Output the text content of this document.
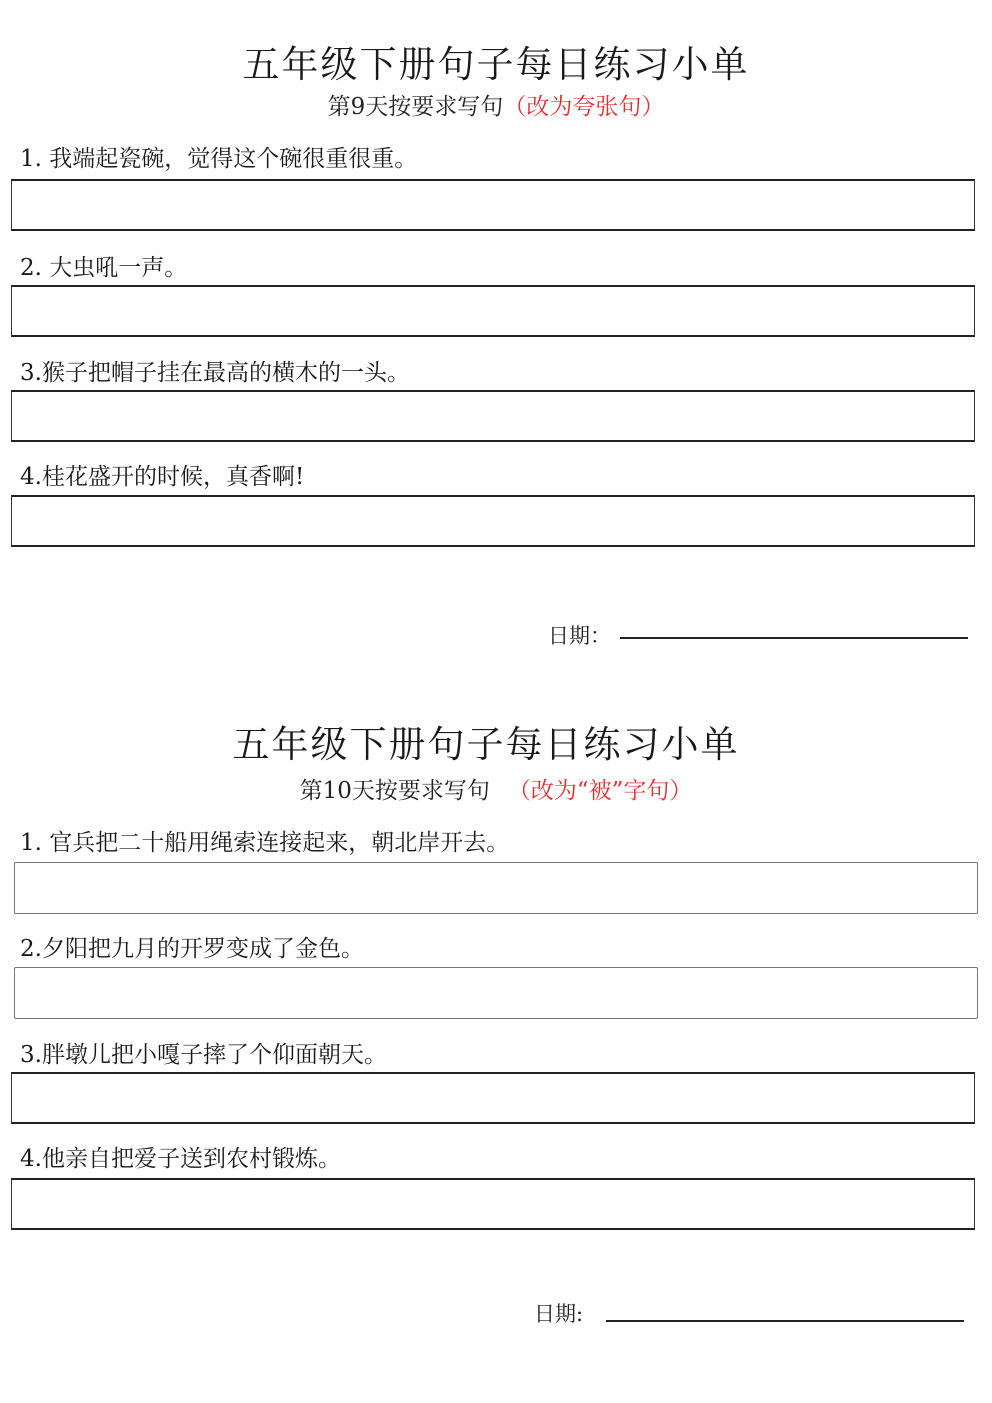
五年级下册句子每日练习小单
第9天按要求写句（改为夸张句）
1. 我端起瓷碗，觉得这个碗很重很重。
2. 大虫吼一声。
3.猴子把帽子挂在最高的横木的一头。
4.桂花盛开的时候，真香啊!
日期：
五年级下册句子每日练习小单
第10天按要求写句 （改为“被”字句）
1. 官兵把二十船用绳索连接起来，朝北岸开去。
2.夕阳把九月的开罗变成了金色。
3.胖墩儿把小嘎子摔了个仰面朝天。
4.他亲自把爱子送到农村锻炼。
日期:
